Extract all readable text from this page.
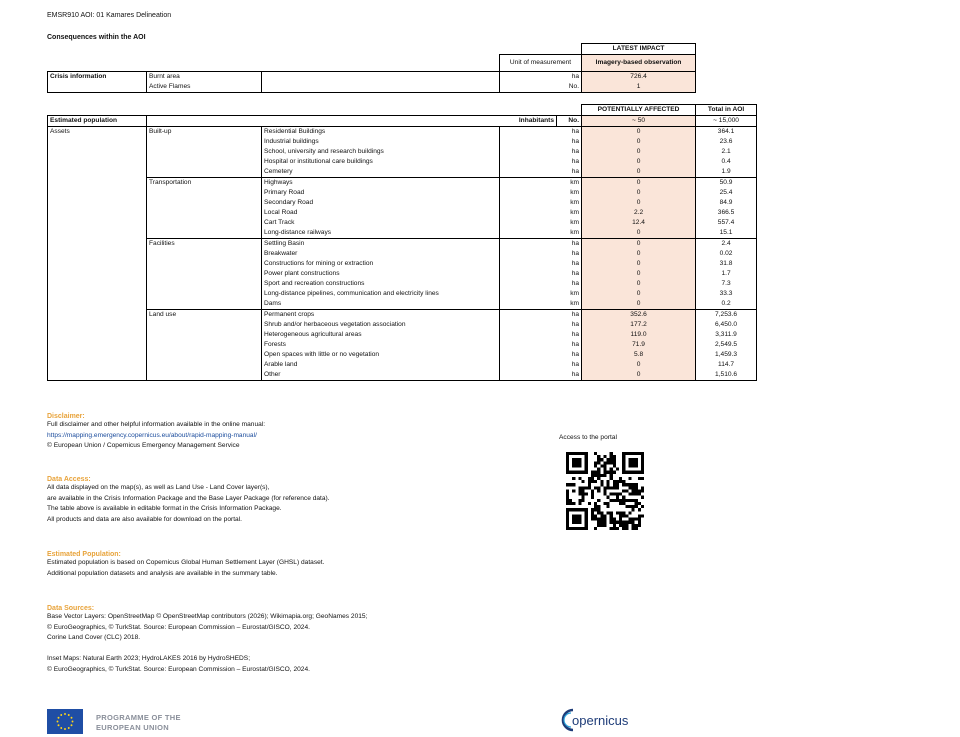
EMSR910 AOI: 01 Kamares Delineation
Consequences within the AOI
				LATEST IMPACT
			Unit of measurement	Imagery-based observation
Crisis information	Burnt area		ha	726.4
	Active Flames		No.	1
					POTENTIALLY AFFECTED	Total in AOI
Estimated population	Inhabitants			No.	~ 50	~ 15,000
Assets	Built-up	Residential Buildings	ha		0	364.1
		Industrial buildings	ha		0	23.6
		School, university and research buildings	ha		0	2.1
		Hospital or institutional care buildings	ha		0	0.4
		Cemetery	ha		0	1.9
	Transportation	Highways	km		0	50.9
		Primary Road	km		0	25.4
		Secondary Road	km		0	84.9
		Local Road	km		2.2	366.5
		Cart Track	km		12.4	557.4
		Long-distance railways	km		0	15.1
	Facilities	Settling Basin	ha		0	2.4
		Breakwater	ha		0	0.02
		Constructions for mining or extraction	ha		0	31.8
		Power plant constructions	ha		0	1.7
		Sport and recreation constructions	ha		0	7.3
		Long-distance pipelines, communication and electricity lines	km		0	33.3
		Dams	km		0	0.2
	Land use	Permanent crops	ha		352.6	7,253.6
		Shrub and/or herbaceous vegetation association	ha		177.2	6,450.0
		Heterogeneous agricultural areas	ha		119.0	3,311.9
		Forests	ha		71.9	2,549.5
		Open spaces with little or no vegetation	ha		5.8	1,459.3
		Arable land	ha		0	114.7
		Other	ha		0	1,510.6
Disclaimer:
Full disclaimer and other helpful information available in the online manual:
https://mapping.emergency.copernicus.eu/about/rapid-mapping-manual/
© European Union / Copernicus Emergency Management Service
Data Access:
All data displayed on the map(s), as well as Land Use - Land Cover layer(s),
are available in the Crisis Information Package and the Base Layer Package (for reference data).
The table above is available in editable format in the Crisis Information Package.
All products and data are also available for download on the portal.
Estimated Population:
Estimated population is based on Copernicus Global Human Settlement Layer (GHSL) dataset.
Additional population datasets and analysis are available in the summary table.
Data Sources:
Base Vector Layers: OpenStreetMap © OpenStreetMap contributors (2026); Wikimapia.org; GeoNames 2015;
© EuroGeographics, © TurkStat. Source: European Commission – Eurostat/GISCO, 2024.
Corine Land Cover (CLC) 2018.
Inset Maps: Natural Earth 2023; HydroLAKES 2016 by HydroSHEDS;
© EuroGeographics, © TurkStat. Source: European Commission – Eurostat/GISCO, 2024.
Access to the portal
PROGRAMME OF THE
EUROPEAN UNION	opernicus
